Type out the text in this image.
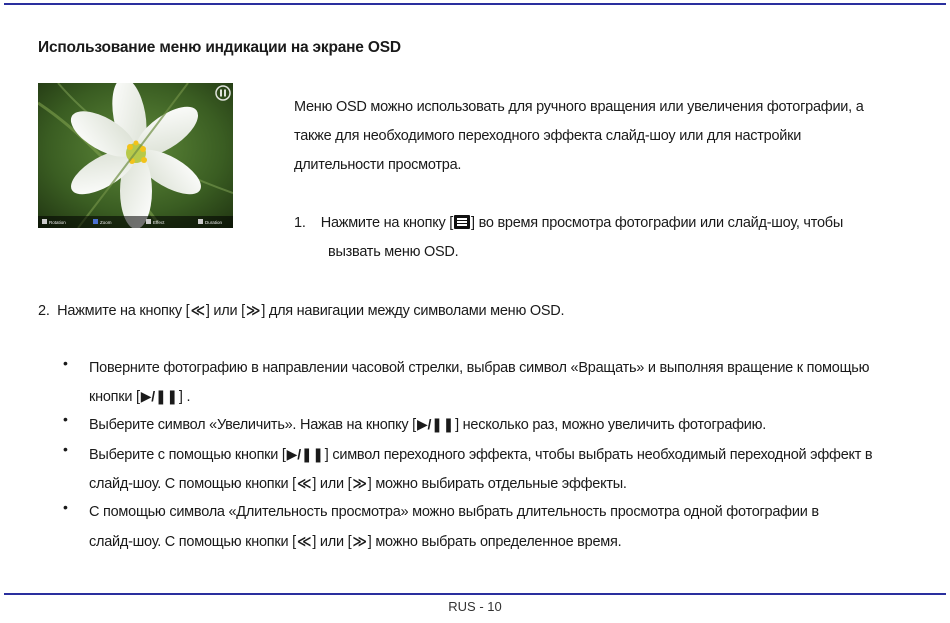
Использование меню индикации на экране OSD
Rotation	Zoom	Effect	Duration
Меню OSD можно использовать для ручного вращения или увеличения фотографии, а
также для необходимого переходного эффекта слайд-шоу или для настройки
длительности просмотра.
1. Нажмите на кнопку [ ] во время просмотра фотографии или слайд-шоу, чтобы
вызвать меню OSD.
2. Нажмите на кнопку [≪] или [≫] для навигации между символами меню OSD.
• Поверните фотографию в направлении часовой стрелки, выбрав символ «Вращать» и выполняя вращение к помощью
кнопки [▶/❚❚] .
• Выберите символ «Увеличить». Нажав на кнопку [▶/❚❚] несколько раз, можно увеличить фотографию.
• Выберите с помощью кнопки [▶/❚❚] символ переходного эффекта, чтобы выбрать необходимый переходной эффект в
слайд-шоу. С помощью кнопки [≪] или [≫] можно выбирать отдельные эффекты.
• С помощью символа «Длительность просмотра» можно выбрать длительность просмотра одной фотографии в
слайд-шоу. С помощью кнопки [≪] или [≫] можно выбрать определенное время.
RUS - 10
